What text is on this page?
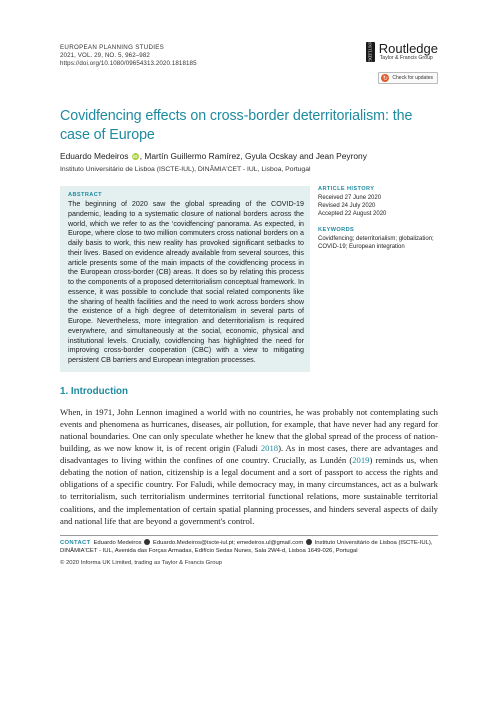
EUROPEAN PLANNING STUDIES
2021, VOL. 29, NO. 5, 962–982
https://doi.org/10.1080/09654313.2020.1818185	ROUTLEDGE Routledge
Taylor & Francis Group
↻ Check for updates
Covidfencing effects on cross-border deterritorialism: the case of Europe
Eduardo Medeiros iD , Martín Guillermo Ramírez, Gyula Ocskay and Jean Peyrony
Instituto Universitário de Lisboa (ISCTE-IUL), DINÂMIA'CET - IUL, Lisboa, Portugal
ABSTRACT
The beginning of 2020 saw the global spreading of the COVID-19 pandemic, leading to a systematic closure of national borders across the world, which we refer to as the ‘covidfencing’ panorama. As expected, in Europe, where close to two million commuters cross national borders on a daily basis to work, this new reality has provoked significant setbacks to their lives. Based on evidence already available from several sources, this article presents some of the main impacts of the covidfencing process in the European cross-border (CB) areas. It does so by relating this process to the components of a proposed deterritorialism conceptual framework. In essence, it was possible to conclude that social related components like the sharing of health facilities and the need to work across borders show the existence of a high degree of deterritorialism in several parts of Europe. Nevertheless, more integration and deterritorialism is required everywhere, and simultaneously at the social, economic, physical and institutional levels. Crucially, covidfencing has highlighted the need for improving cross-border cooperation (CBC) with a view to mitigating persistent CB barriers and European integration processes.
ARTICLE HISTORY
Received 27 June 2020
Revised 24 July 2020
Accepted 22 August 2020
KEYWORDS
Covidfencing; deterritorialism; globalization; COVID-19; European integration
1. Introduction
When, in 1971, John Lennon imagined a world with no countries, he was probably not contemplating such events and phenomena as hurricanes, diseases, air pollution, for example, that have never had any regard for national boundaries. One can only speculate whether he knew that the global spread of the process of nation-building, as we now know it, is of recent origin (Faludi 2018). As in most cases, there are advantages and disadvantages to living within the confines of one country. Crucially, as Lundén (2019) reminds us, when debating the notion of nation, citizenship is a legal document and a sort of passport to access the rights and obligations of a specific country. For Faludi, while democracy may, in many circumstances, act as a bulwark to territorialism, such territorialism undermines territorial functional relations, more sustainable territorial coalitions, and the implementation of certain spatial planning processes, and hinders several aspects of daily and national life that are beyond a government's control.
CONTACT Eduardo Medeiros Eduardo.Medeiros@iscte-iul.pt; emedeiros.ul@gmail.com Instituto Universitário de Lisboa (ISCTE-IUL), DINÂMIA'CET - IUL, Avenida das Forças Armadas, Edifício Sedas Nunes, Sala 2W4-d, Lisboa 1649-026, Portugal
© 2020 Informa UK Limited, trading as Taylor & Francis Group
